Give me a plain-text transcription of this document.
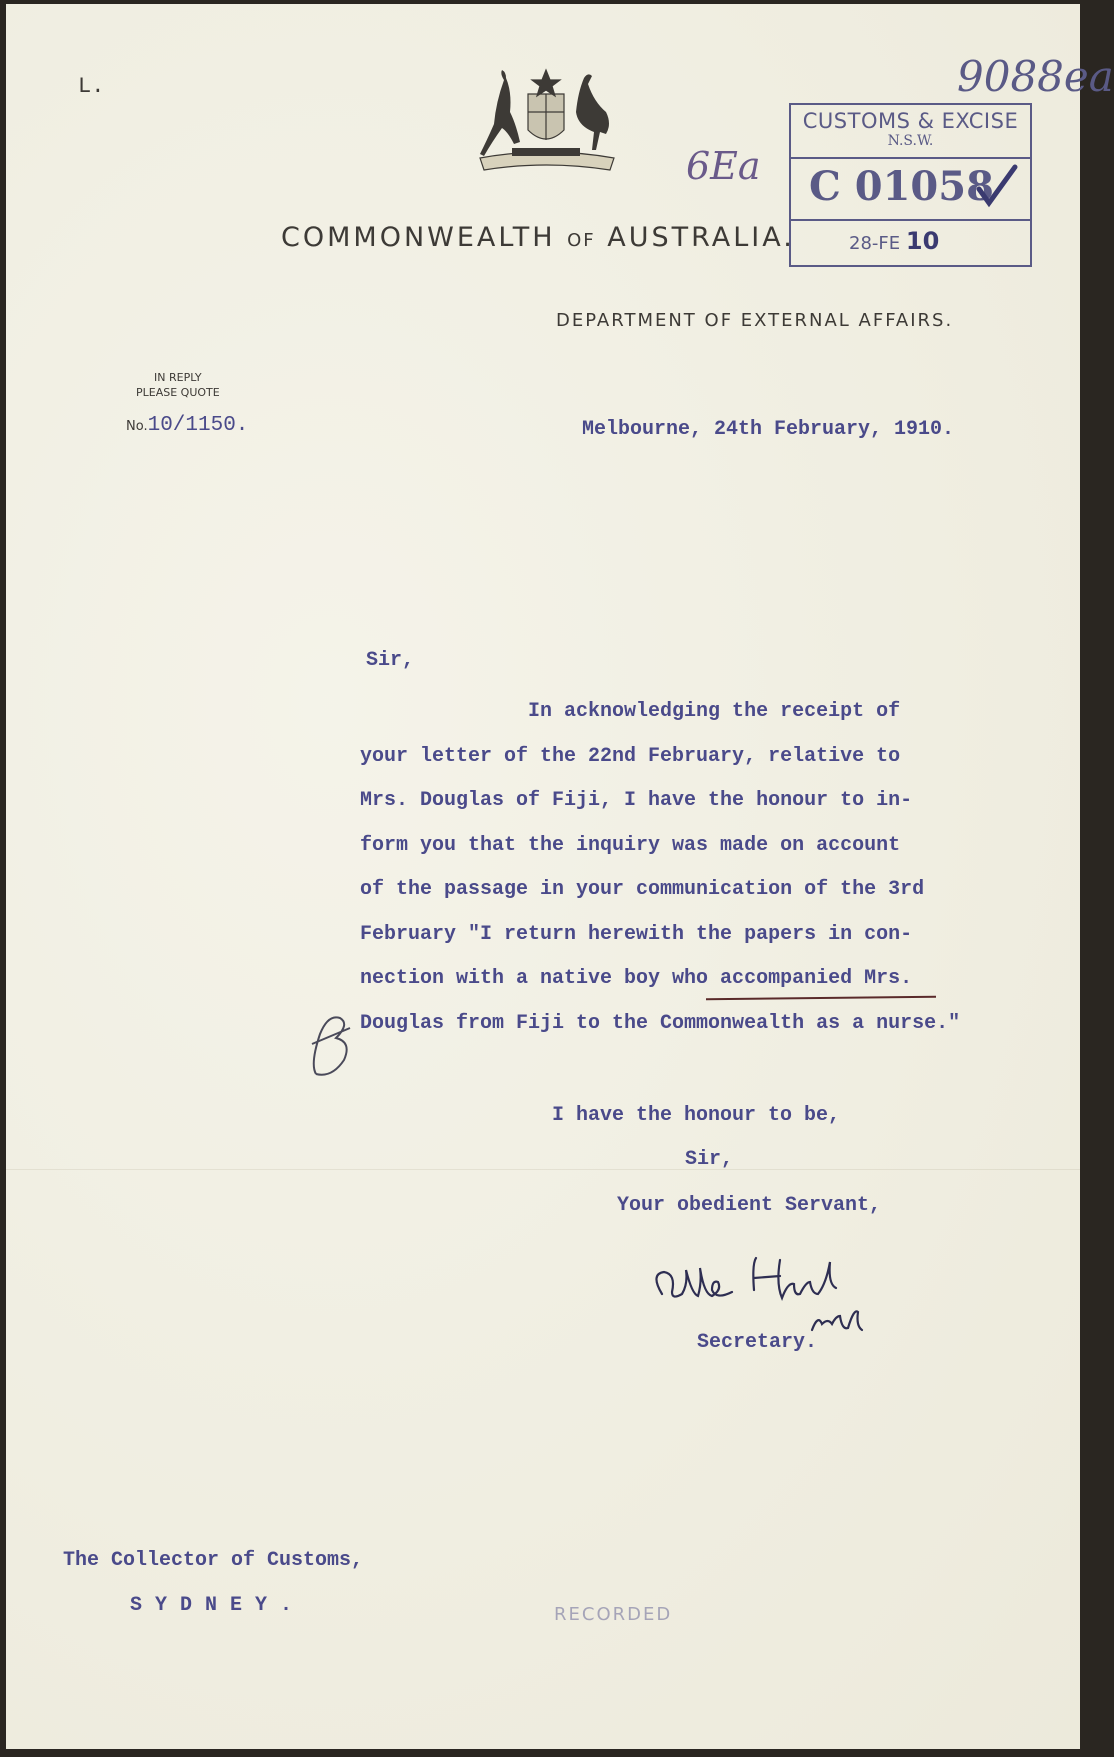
L.
COMMONWEALTH OF AUSTRALIA.
DEPARTMENT OF EXTERNAL AFFAIRS.
IN REPLY
PLEASE QUOTE
No.10/1150.
CUSTOMS & EXCISE
N.S.W.
C 01058
28-FE 10
9088ea
6Ea
Melbourne, 24th February, 1910.
Sir,
In acknowledging the receipt of
your letter of the 22nd February, relative to
Mrs. Douglas of Fiji, I have the honour to in-
form you that the inquiry was made on account
of the passage in your communication of the 3rd
February "I return herewith the papers in con-
nection with a native boy who accompanied Mrs.
Douglas from Fiji to the Commonwealth as a nurse."
I have the honour to be,
Sir,
Your obedient Servant,
Secretary.
The Collector of Customs,
SYDNEY.	RECORDED
